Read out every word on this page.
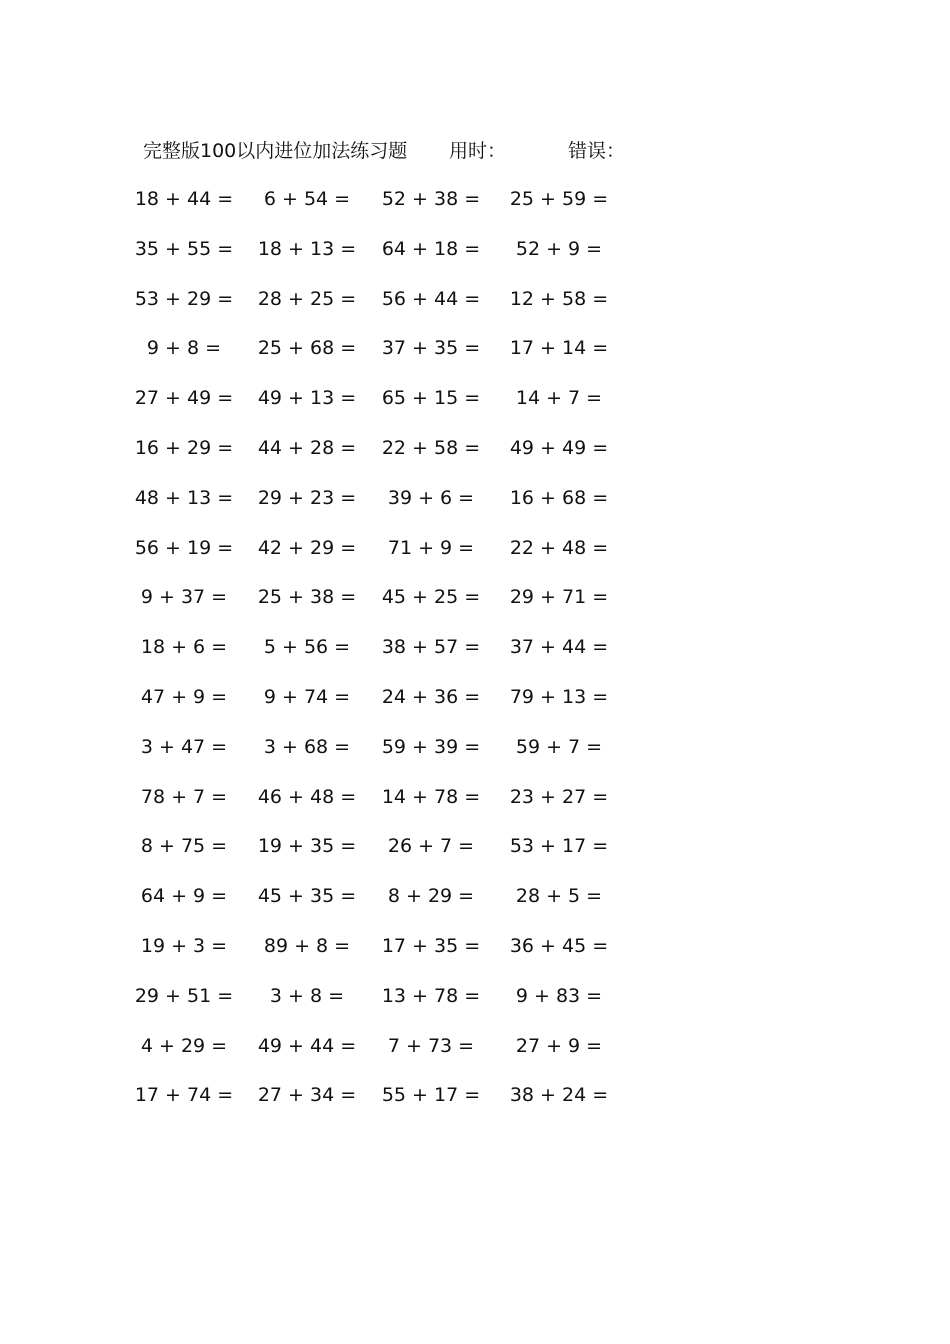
完整版100以内进位加法练习题 用时：	错误：
18 + 44 =	6 + 54 =	52 + 38 = 25 + 59 =
35 + 55 = 18 + 13 = 64 + 18 =	52 + 9 =
53 + 29 = 28 + 25 = 56 + 44 = 12 + 58 =
9 + 8 =	25 + 68 = 37 + 35 = 17 + 14 =
27 + 49 = 49 + 13 = 65 + 15 =	14 + 7 =
16 + 29 = 44 + 28 = 22 + 58 = 49 + 49 =
48 + 13 = 29 + 23 =	39 + 6 =	16 + 68 =
56 + 19 = 42 + 29 =	71 + 9 =	22 + 48 =
9 + 37 =	25 + 38 = 45 + 25 = 29 + 71 =
18 + 6 =	5 + 56 =	38 + 57 = 37 + 44 =
47 + 9 =	9 + 74 =	24 + 36 = 79 + 13 =
3 + 47 =	3 + 68 =	59 + 39 =	59 + 7 =
78 + 7 =	46 + 48 = 14 + 78 = 23 + 27 =
8 + 75 =	19 + 35 =	26 + 7 =	53 + 17 =
64 + 9 =	45 + 35 =	8 + 29 =	28 + 5 =
19 + 3 =	89 + 8 =	17 + 35 = 36 + 45 =
29 + 51 =	3 + 8 =	13 + 78 =	9 + 83 =
4 + 29 =	49 + 44 =	7 + 73 =	27 + 9 =
17 + 74 = 27 + 34 = 55 + 17 = 38 + 24 =
